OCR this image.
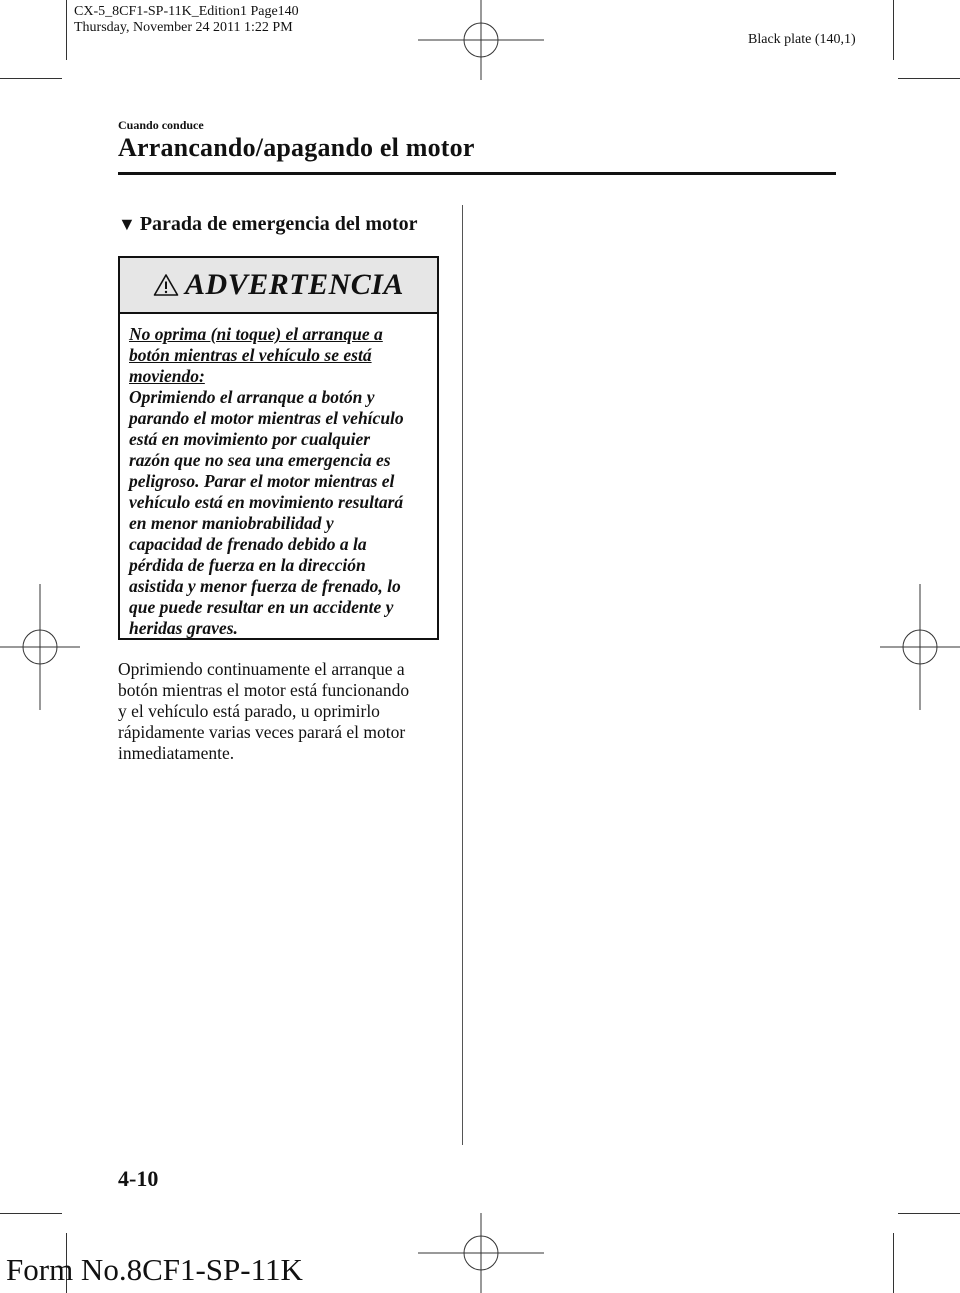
CX-5_8CF1-SP-11K_Edition1 Page140
Thursday, November 24 2011 1:22 PM
Black plate (140,1)
Cuando conduce
Arrancando/apagando el motor
▼ Parada de emergencia del motor
ADVERTENCIA
No oprima (ni toque) el arranque a
botón mientras el vehículo se está
moviendo:
Oprimiendo el arranque a botón y
parando el motor mientras el vehículo
está en movimiento por cualquier
razón que no sea una emergencia es
peligroso. Parar el motor mientras el
vehículo está en movimiento resultará
en menor maniobrabilidad y
capacidad de frenado debido a la
pérdida de fuerza en la dirección
asistida y menor fuerza de frenado, lo
que puede resultar en un accidente y
heridas graves.
Oprimiendo continuamente el arranque a
botón mientras el motor está funcionando
y el vehículo está parado, u oprimirlo
rápidamente varias veces parará el motor
inmediatamente.
4-10
Form No.8CF1-SP-11K
